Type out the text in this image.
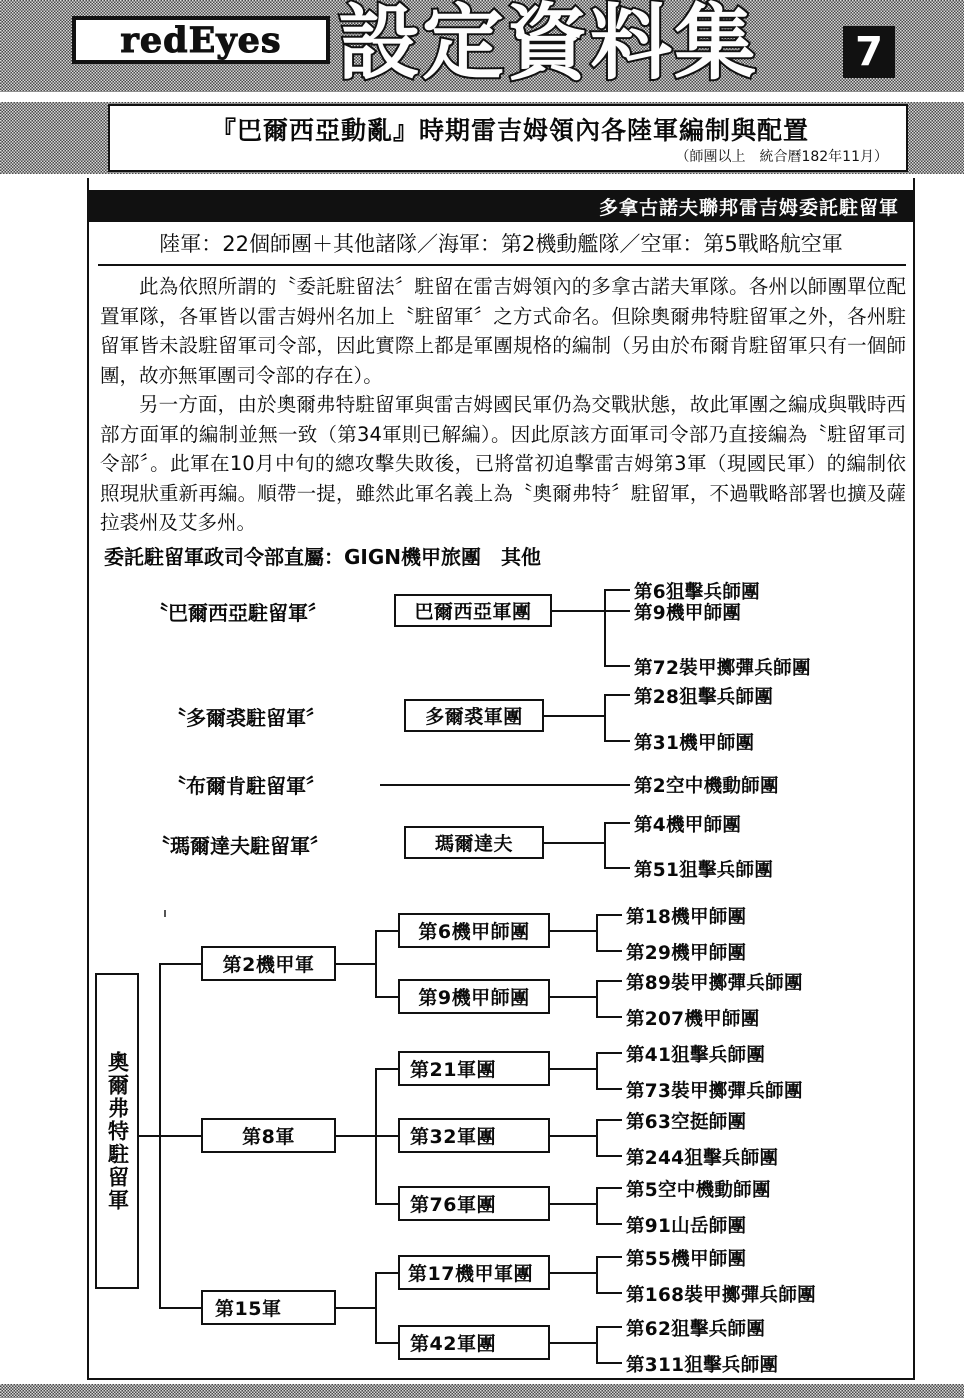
redEyes 設定資料集	7
『巴爾西亞動亂』時期雷吉姆領內各陸軍編制與配置
（師團以上　統合曆182年11月）
多拿古諾夫聯邦雷吉姆委託駐留軍
陸軍：22個師團＋其他諸隊／海軍：第2機動艦隊／空軍：第5戰略航空軍

此為依照所謂的〝委託駐留法〞駐留在雷吉姆領內的多拿古諾夫軍隊。各州以師團單位配置軍隊，各軍皆以雷吉姆州名加上〝駐留軍〞之方式命名。但除奧爾弗特駐留軍之外，各州駐留軍皆未設駐留軍司令部，因此實際上都是軍團規格的編制（另由於布爾肯駐留軍只有一個師團，故亦無軍團司令部的存在）。

另一方面，由於奧爾弗特駐留軍與雷吉姆國民軍仍為交戰狀態，故此軍團之編成與戰時西部方面軍的編制並無一致（第34軍則已解編）。因此原該方面軍司令部乃直接編為〝駐留軍司令部〞。此軍在10月中旬的總攻擊失敗後，已將當初追擊雷吉姆第3軍（現國民軍）的編制依照現狀重新再編。順帶一提，雖然此軍名義上為〝奧爾弗特〞駐留軍，不過戰略部署也擴及薩拉裘州及艾多州。

委託駐留軍政司令部直屬：GIGN機甲旅團　其他
〝巴爾西亞駐留軍〞	巴爾西亞軍團
第6狙擊兵師團
第9機甲師團
第72裝甲擲彈兵師團
〝多爾裘駐留軍〞	多爾裘軍團
第28狙擊兵師團
第31機甲師團
〝布爾肯駐留軍〞	第2空中機動師團
〝瑪爾達夫駐留軍〞	瑪爾達夫
第4機甲師團
第51狙擊兵師團
奧爾弗特駐留軍
第2機甲軍
第6機甲師團
第18機甲師團
第29機甲師團
第9機甲師團
第89裝甲擲彈兵師團
第207機甲師團
第8軍
第21軍團
第41狙擊兵師團
第73裝甲擲彈兵師團
第32軍團
第63空挺師團
第244狙擊兵師團
第76軍團
第5空中機動師團
第91山岳師團
第15軍
第17機甲軍團
第55機甲師團
第168裝甲擲彈兵師團
第42軍團
第62狙擊兵師團
第311狙擊兵師團
